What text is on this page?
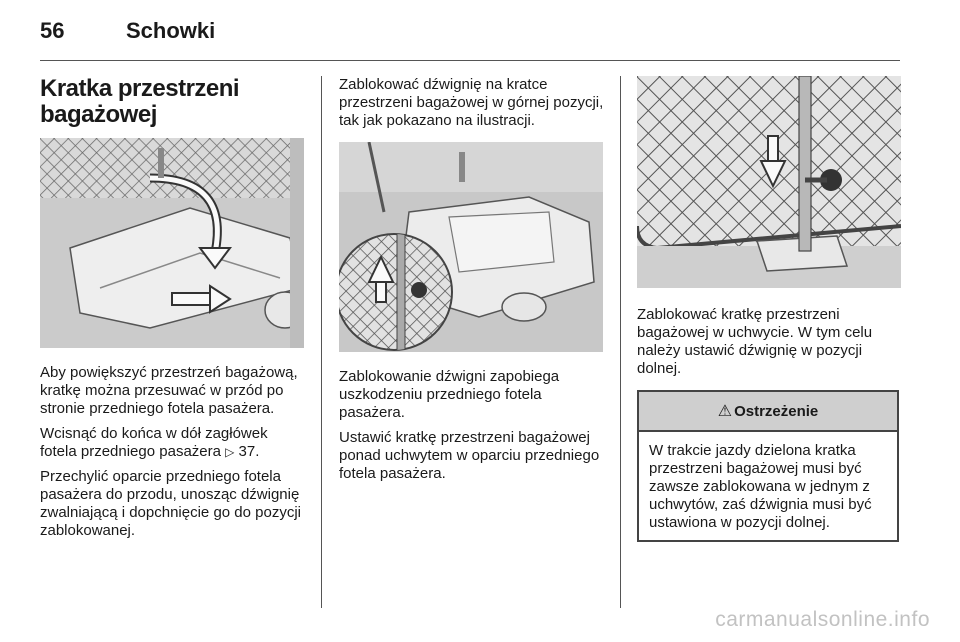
56	Schowki
Kratka przestrzeni
bagażowej

Aby powiększyć przestrzeń bagażową, kratkę można przesuwać w przód po stronie przedniego fotela pasażera.

Wcisnąć do końca w dół zagłówek fotela przedniego pasażera ▷ 37.

Przechylić oparcie przedniego fotela pasażera do przodu, unosząc dźwignię zwalniającą i dopchnięcie go do pozycji zablokowanej.

Zablokować dźwignię na kratce przestrzeni bagażowej w górnej pozycji, tak jak pokazano na ilustracji.

Zablokowanie dźwigni zapobiega uszkodzeniu przedniego fotela pasażera.

Ustawić kratkę przestrzeni bagażowej ponad uchwytem w oparciu przedniego fotela pasażera.

Zablokować kratkę przestrzeni bagażowej w uchwycie. W tym celu należy ustawić dźwignię w pozycji dolnej.

⚠ Ostrzeżenie
W trakcie jazdy dzielona kratka przestrzeni bagażowej musi być zawsze zablokowana w jednym z uchwytów, zaś dźwignia musi być ustawiona w pozycji dolnej.
carmanualsonline.info
